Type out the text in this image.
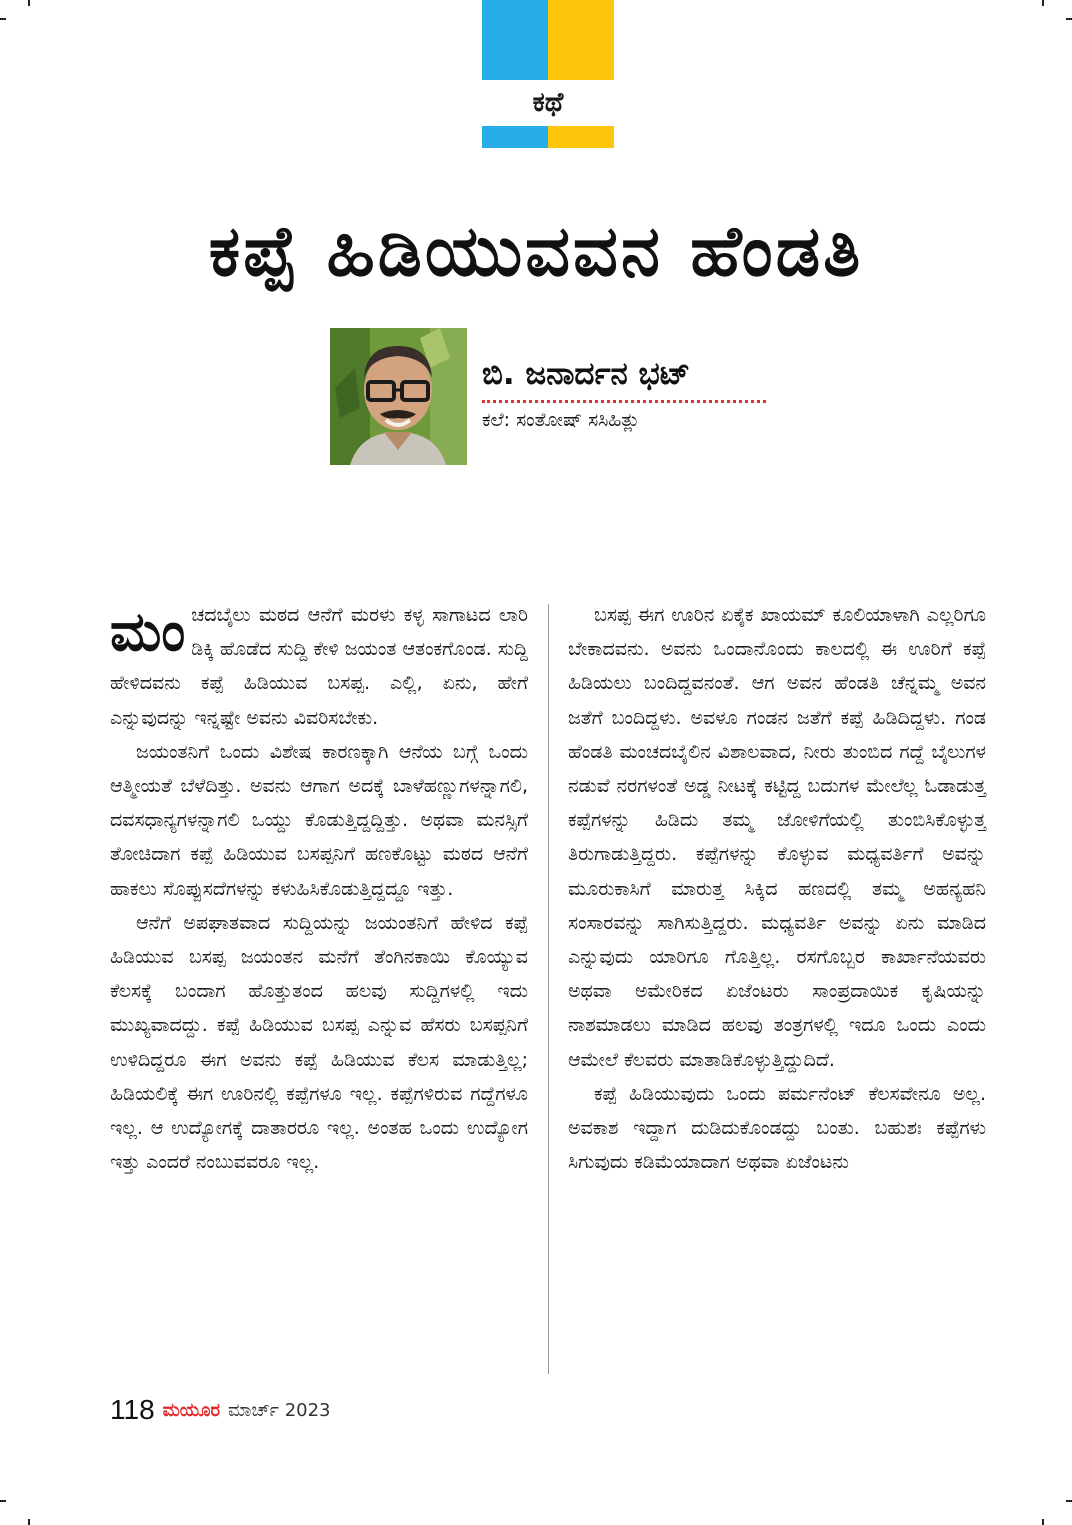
ಕಥೆ
ಕಪ್ಪೆ ಹಿಡಿಯುವವನ ಹೆಂಡತಿ
ಬಿ. ಜನಾರ್ದನ ಭಟ್
ಕಲೆ: ಸಂತೋಷ್ ಸಸಿಹಿತ್ಲು

ಮಂಚದಬೈಲು ಮಠದ ಆನೆಗೆ ಮರಳು ಕಳ್ಳ ಸಾಗಾಟದ ಲಾರಿ ಡಿಕ್ಕಿ ಹೊಡೆದ ಸುದ್ದಿ ಕೇಳಿ ಜಯಂತ ಆತಂಕಗೊಂಡ. ಸುದ್ದಿ ಹೇಳಿದವನು ಕಪ್ಪೆ ಹಿಡಿಯುವ ಬಸಪ್ಪ. ಎಲ್ಲಿ, ಏನು, ಹೇಗೆ ಎನ್ನುವುದನ್ನು ಇನ್ನಷ್ಟೇ ಅವನು ವಿವರಿಸಬೇಕು.

ಜಯಂತನಿಗೆ ಒಂದು ವಿಶೇಷ ಕಾರಣಕ್ಕಾಗಿ ಆನೆಯ ಬಗ್ಗೆ ಒಂದು ಆತ್ಮೀಯತೆ ಬೆಳೆದಿತ್ತು. ಅವನು ಆಗಾಗ ಅದಕ್ಕೆ ಬಾಳೆಹಣ್ಣುಗಳನ್ನಾಗಲಿ, ದವಸಧಾನ್ಯಗಳನ್ನಾಗಲಿ ಒಯ್ದು ಕೊಡುತ್ತಿದ್ದದ್ದಿತ್ತು. ಅಥವಾ ಮನಸ್ಸಿಗೆ ತೋಚಿದಾಗ ಕಪ್ಪೆ ಹಿಡಿಯುವ ಬಸಪ್ಪನಿಗೆ ಹಣಕೊಟ್ಟು ಮಠದ ಆನೆಗೆ ಹಾಕಲು ಸೊಪ್ಪುಸದೆಗಳನ್ನು ಕಳುಹಿಸಿಕೊಡುತ್ತಿದ್ದದ್ದೂ ಇತ್ತು.

ಆನೆಗೆ ಅಪಘಾತವಾದ ಸುದ್ದಿಯನ್ನು ಜಯಂತನಿಗೆ ಹೇಳಿದ ಕಪ್ಪೆ ಹಿಡಿಯುವ ಬಸಪ್ಪ ಜಯಂತನ ಮನೆಗೆ ತೆಂಗಿನಕಾಯಿ ಕೊಯ್ಯುವ ಕೆಲಸಕ್ಕೆ ಬಂದಾಗ ಹೊತ್ತುತಂದ ಹಲವು ಸುದ್ದಿಗಳಲ್ಲಿ ಇದು ಮುಖ್ಯವಾದದ್ದು. ಕಪ್ಪೆ ಹಿಡಿಯುವ ಬಸಪ್ಪ ಎನ್ನುವ ಹೆಸರು ಬಸಪ್ಪನಿಗೆ ಉಳಿದಿದ್ದರೂ ಈಗ ಅವನು ಕಪ್ಪೆ ಹಿಡಿಯುವ ಕೆಲಸ ಮಾಡುತ್ತಿಲ್ಲ; ಹಿಡಿಯಲಿಕ್ಕೆ ಈಗ ಊರಿನಲ್ಲಿ ಕಪ್ಪೆಗಳೂ ಇಲ್ಲ. ಕಪ್ಪೆಗಳಿರುವ ಗದ್ದೆಗಳೂ ಇಲ್ಲ. ಆ ಉದ್ಯೋಗಕ್ಕೆ ದಾತಾರರೂ ಇಲ್ಲ. ಅಂತಹ ಒಂದು ಉದ್ಯೋಗ ಇತ್ತು ಎಂದರೆ ನಂಬುವವರೂ ಇಲ್ಲ.

ಬಸಪ್ಪ ಈಗ ಊರಿನ ಏಕೈಕ ಖಾಯಮ್ ಕೂಲಿಯಾಳಾಗಿ ಎಲ್ಲರಿಗೂ ಬೇಕಾದವನು. ಅವನು ಒಂದಾನೊಂದು ಕಾಲದಲ್ಲಿ ಈ ಊರಿಗೆ ಕಪ್ಪೆ ಹಿಡಿಯಲು ಬಂದಿದ್ದವನಂತೆ. ಆಗ ಅವನ ಹೆಂಡತಿ ಚೆನ್ನಮ್ಮ ಅವನ ಜತೆಗೆ ಬಂದಿದ್ದಳು. ಅವಳೂ ಗಂಡನ ಜತೆಗೆ ಕಪ್ಪೆ ಹಿಡಿದಿದ್ದಳು. ಗಂಡ ಹೆಂಡತಿ ಮಂಚದಬೈಲಿನ ವಿಶಾಲವಾದ, ನೀರು ತುಂಬಿದ ಗದ್ದೆ ಬೈಲುಗಳ ನಡುವೆ ನರಗಳಂತೆ ಅಡ್ಡ ನೀಟಕ್ಕೆ ಕಟ್ಟಿದ್ದ ಬದುಗಳ ಮೇಲೆಲ್ಲ ಓಡಾಡುತ್ತ ಕಪ್ಪೆಗಳನ್ನು ಹಿಡಿದು ತಮ್ಮ ಜೋಳಿಗೆಯಲ್ಲಿ ತುಂಬಿಸಿಕೊಳ್ಳುತ್ತ ತಿರುಗಾಡುತ್ತಿದ್ದರು. ಕಪ್ಪೆಗಳನ್ನು ಕೊಳ್ಳುವ ಮಧ್ಯವರ್ತಿಗೆ ಅವನ್ನು ಮೂರುಕಾಸಿಗೆ ಮಾರುತ್ತ ಸಿಕ್ಕಿದ ಹಣದಲ್ಲಿ ತಮ್ಮ ಅಹನ್ಯಹನಿ ಸಂಸಾರವನ್ನು ಸಾಗಿಸುತ್ತಿದ್ದರು. ಮಧ್ಯವರ್ತಿ ಅವನ್ನು ಏನು ಮಾಡಿದ ಎನ್ನುವುದು ಯಾರಿಗೂ ಗೊತ್ತಿಲ್ಲ. ರಸಗೊಬ್ಬರ ಕಾರ್ಖಾನೆಯವರು ಅಥವಾ ಅಮೇರಿಕದ ಏಜೆಂಟರು ಸಾಂಪ್ರದಾಯಿಕ ಕೃಷಿಯನ್ನು ನಾಶಮಾಡಲು ಮಾಡಿದ ಹಲವು ತಂತ್ರಗಳಲ್ಲಿ ಇದೂ ಒಂದು ಎಂದು ಆಮೇಲೆ ಕೆಲವರು ಮಾತಾಡಿಕೊಳ್ಳುತ್ತಿದ್ದುದಿದೆ.

ಕಪ್ಪೆ ಹಿಡಿಯುವುದು ಒಂದು ಪರ್ಮನೆಂಟ್ ಕೆಲಸವೇನೂ ಅಲ್ಲ. ಅವಕಾಶ ಇದ್ದಾಗ ದುಡಿದುಕೊಂಡದ್ದು ಬಂತು. ಬಹುಶಃ ಕಪ್ಪೆಗಳು ಸಿಗುವುದು ಕಡಿಮೆಯಾದಾಗ ಅಥವಾ ಏಜೆಂಟನು

118 ಮಯೂರ ಮಾರ್ಚ್ 2023
